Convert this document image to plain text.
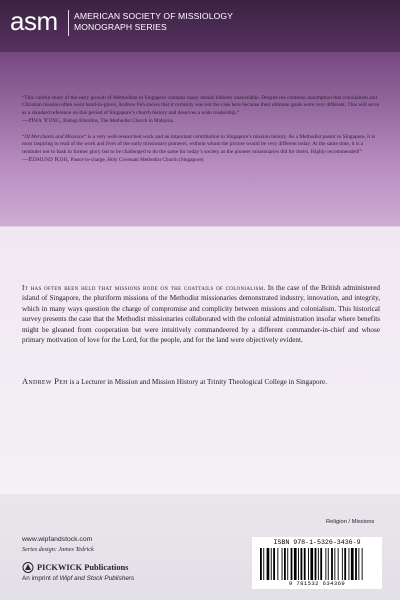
asm AMERICAN SOCIETY OF MISSIOLOGY
MONOGRAPH SERIES
“This careful study of the early growth of Methodism in Singapore contains many details hitherto unavailable. Despite the common assumption that colonialism and Christian mission often went hand-in-glove, Andrew Peh shows that it certainly was not the case here because their ultimate goals were very different. This will serve as a standard reference on this period of Singapore’s church history and deserves a wide readership.”
—Hwa Yung, Bishop Emeritus, The Methodist Church in Malaysia
“Of Merchants and Missions“ is a very well-researched work and an important contribution to Singapore’s mission history. As a Methodist pastor in Singapore, it is most inspiring to read of the work and lives of the early missionary pioneers, without whom the picture would be very different today. At the same time, it is a reminder not to bask in former glory but to be challenged to do the same for today’s society as the pioneer missionaries did for theirs. Highly recommended!”
—Edmund Koh, Pastor-in-charge, Holy Covenant Methodist Church (Singapore)
It has often been held that missions rode on the coattails of colonialism. In the case of the British administered island of Singapore, the pluriform missions of the Methodist missionaries demonstrated industry, innovation, and integrity, which in many ways question the charge of compromise and complicity between missions and colonialism. This historical survey presents the case that the Methodist missionaries collaborated with the colonial administration insofar where benefits might be gleaned from cooperation but were intuitively commandeered by a different commander-in-chief and whose primary motivation of love for the Lord, for the people, and for the land were objectively evident.
Andrew Peh is a Lecturer in Mission and Mission History at Trinity Theological College in Singapore.
Religion / Missions
www.wipfandstock.com
Series design: James Tedrick
PICKWICK Publications
An imprint of Wipf and Stock Publishers
ISBN 978-1-5326-3436-9
9 781532 634369
